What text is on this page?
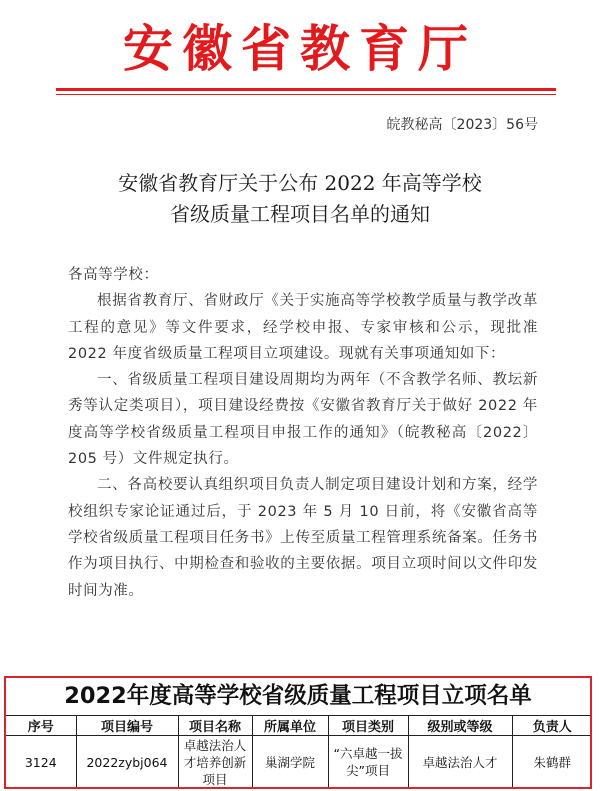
安徽省教育厅
皖教秘高〔2023〕56号
安徽省教育厅关于公布 2022 年高等学校
省级质量工程项目名单的通知

各高等学校：

根据省教育厅、省财政厅《关于实施高等学校教学质量与教学改革工程的意见》等文件要求，经学校申报、专家审核和公示，现批准 2022 年度省级质量工程项目立项建设。现就有关事项通知如下：

一、省级质量工程项目建设周期均为两年（不含教学名师、教坛新秀等认定类项目），项目建设经费按《安徽省教育厅关于做好 2022 年度高等学校省级质量工程项目申报工作的通知》（皖教秘高〔2022〕205 号）文件规定执行。

二、各高校要认真组织项目负责人制定项目建设计划和方案，经学校组织专家论证通过后，于 2023 年 5 月 10 日前，将《安徽省高等学校省级质量工程项目任务书》上传至质量工程管理系统备案。任务书作为项目执行、中期检查和验收的主要依据。项目立项时间以文件印发时间为准。

2022年度高等学校省级质量工程项目立项名单
序号	项目编号	项目名称	所属单位	项目类别	级别或等级	负责人
3124	2022zybj064	卓越法治人才培养创新项目	巢湖学院	“六卓越一拔尖”项目	卓越法治人才	朱鹤群
